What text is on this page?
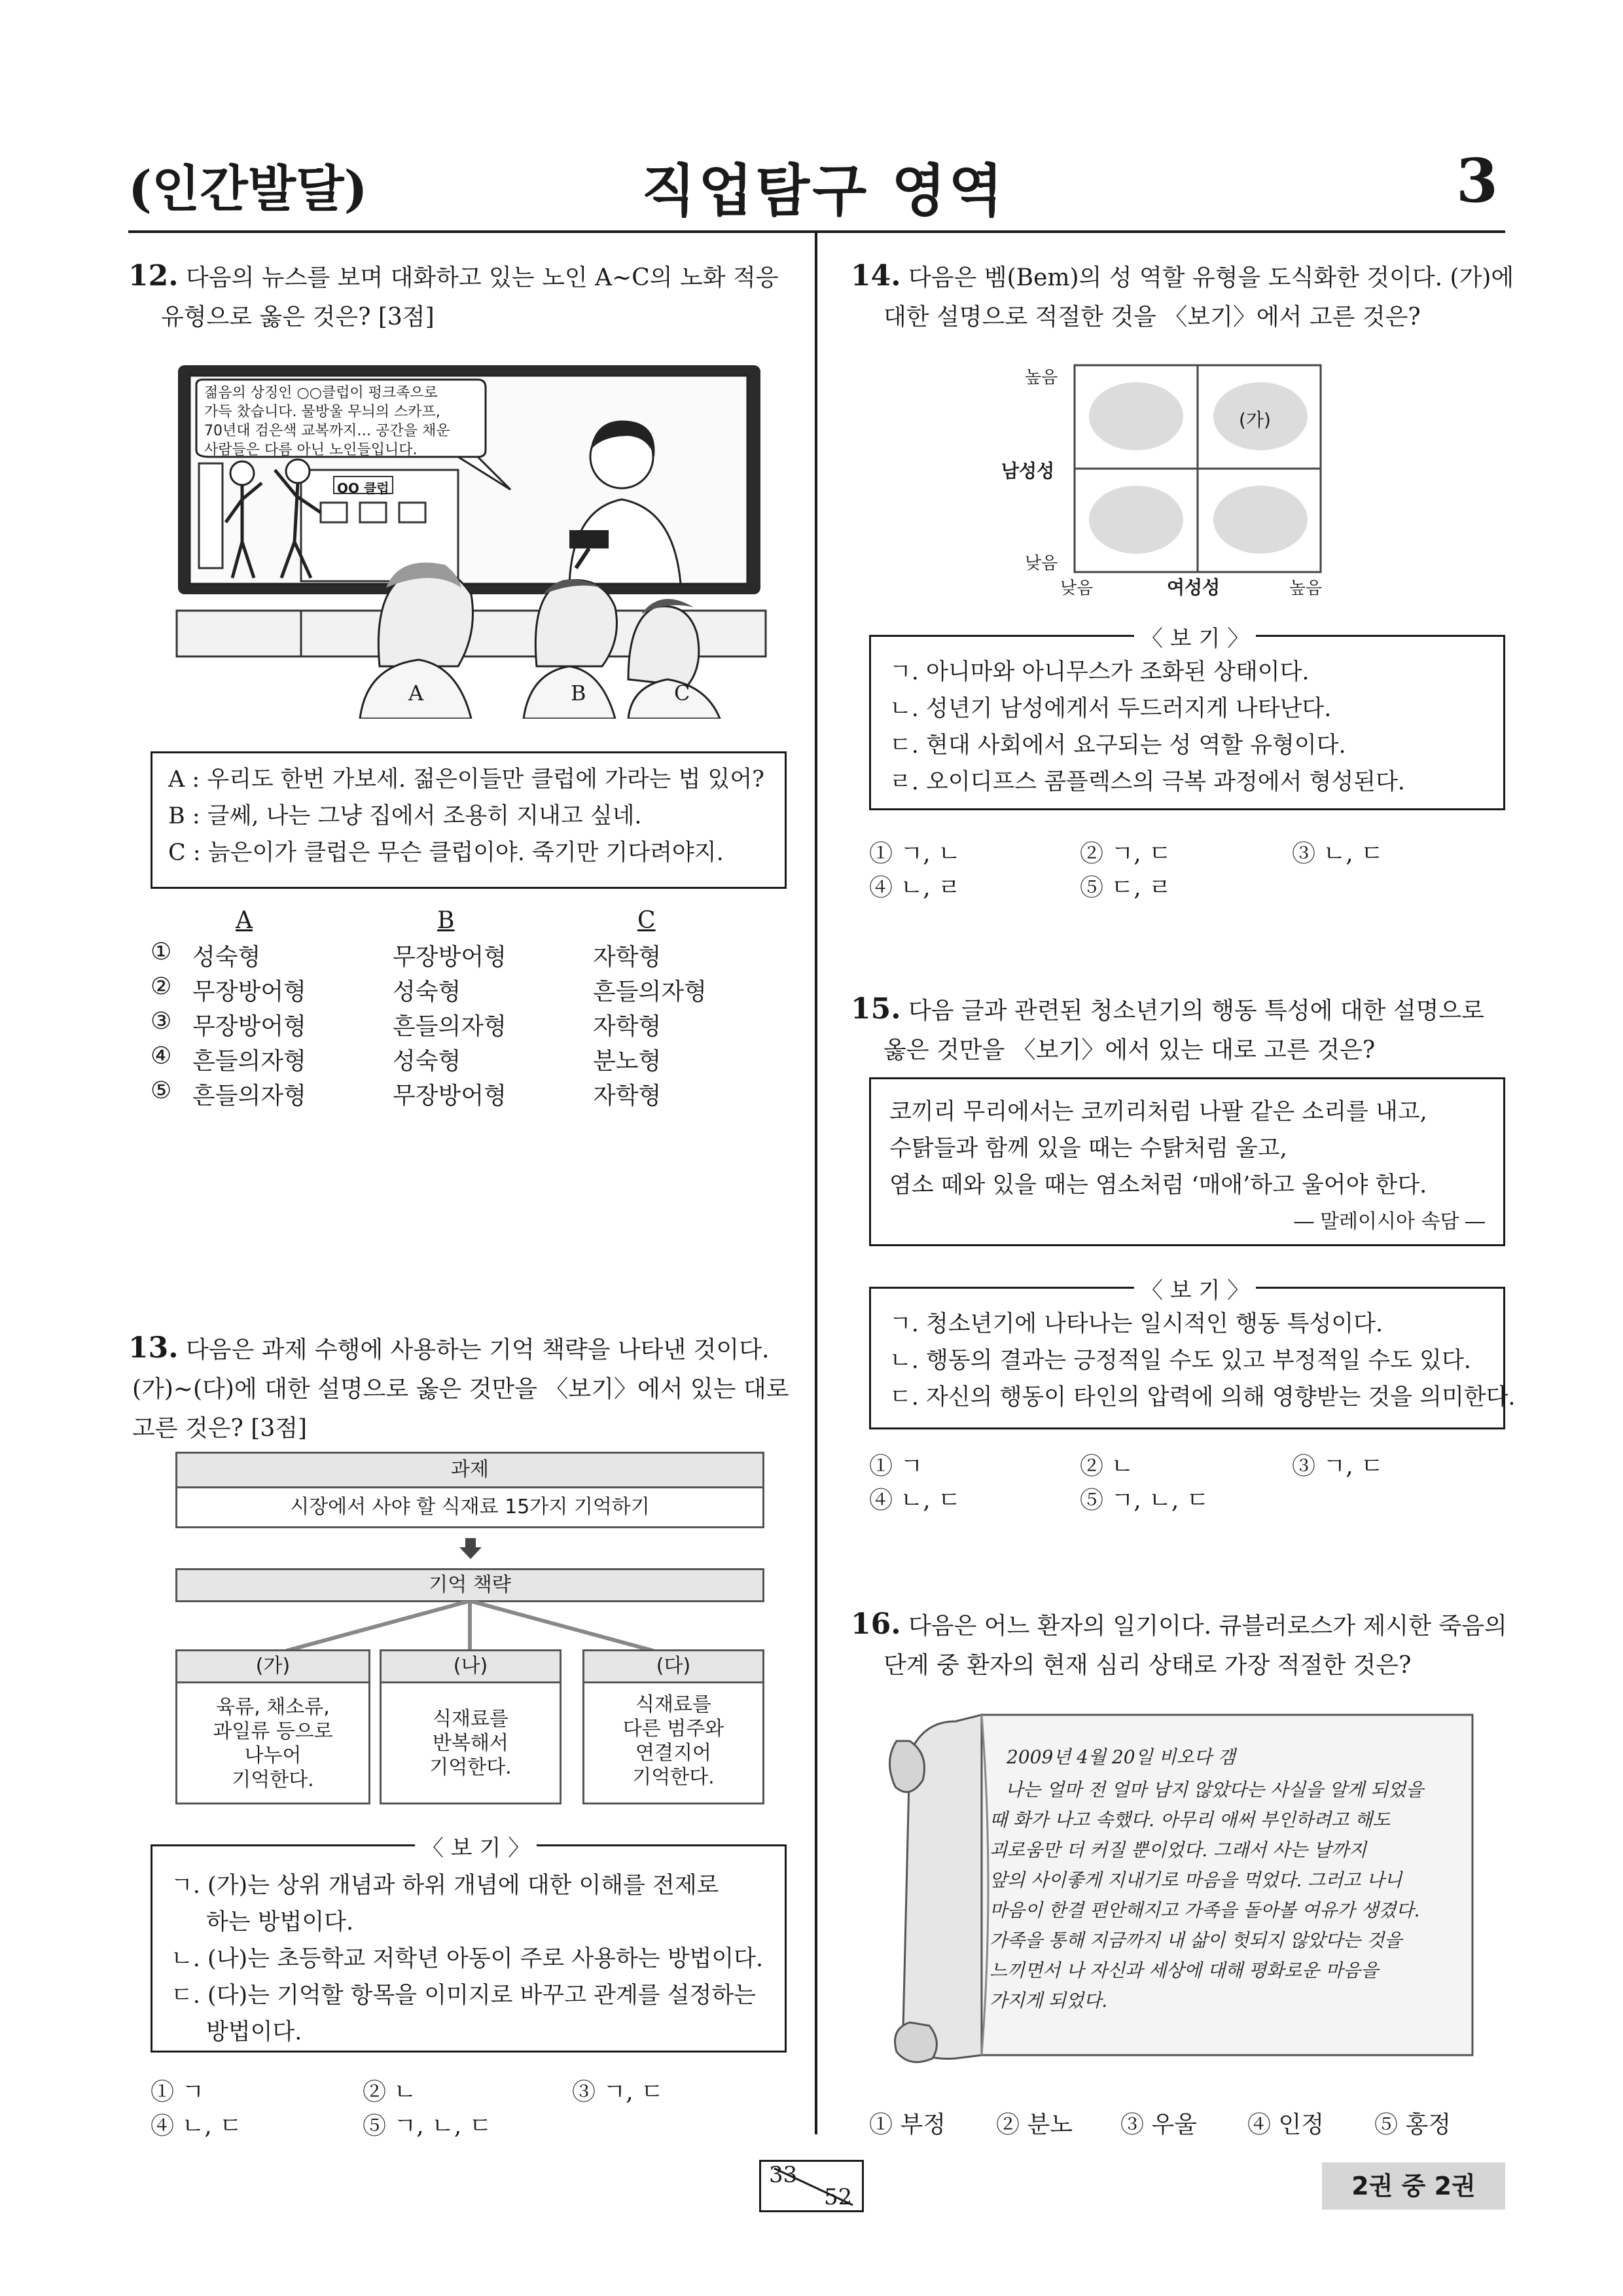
(인간발달)	직업탐구 영역	3
12. 다음의 뉴스를 보며 대화하고 있는 노인 A~C의 노화 적응
유형으로 옳은 것은? [3점]
젊음의 상징인 ○○클럽이 펑크족으로
가득 찼습니다. 물방울 무늬의 스카프,
70년대 검은색 교복까지… 공간을 채운
사람들은 다름 아닌 노인들입니다.
OO 클럽
A	B	C
A : 우리도 한번 가보세. 젊은이들만 클럽에 가라는 법 있어?
B : 글쎄, 나는 그냥 집에서 조용히 지내고 싶네.
C : 늙은이가 클럽은 무슨 클럽이야. 죽기만 기다려야지.
A	B	C
① 성숙형	무장방어형	자학형
② 무장방어형	성숙형	흔들의자형
③ 무장방어형	흔들의자형	자학형
④ 흔들의자형	성숙형	분노형
⑤ 흔들의자형	무장방어형	자학형
13. 다음은 과제 수행에 사용하는 기억 책략을 나타낸 것이다.
(가)~(다)에 대한 설명으로 옳은 것만을 〈보기〉에서 있는 대로
고른 것은? [3점]
과제
시장에서 사야 할 식재료 15가지 기억하기
기억 책략
(가)
육류, 채소류,
과일류 등으로
나누어
기억한다.
(나)
식재료를
반복해서
기억한다.
(다)
식재료를
다른 범주와
연결지어
기억한다.
ㄱ. (가)는 상위 개념과 하위 개념에 대한 이해를 전제로
하는 방법이다.
ㄴ. (나)는 초등학교 저학년 아동이 주로 사용하는 방법이다.
ㄷ. (다)는 기억할 항목을 이미지로 바꾸고 관계를 설정하는
방법이다.
〈 보 기 〉
① ㄱ	② ㄴ	③ ㄱ, ㄷ
④ ㄴ, ㄷ	⑤ ㄱ, ㄴ, ㄷ
14. 다음은 벰(Bem)의 성 역할 유형을 도식화한 것이다. (가)에
대한 설명으로 적절한 것을 〈보기〉에서 고른 것은?
(가)
높음
남성성
낮음
낮음	여성성	높음
ㄱ. 아니마와 아니무스가 조화된 상태이다.
ㄴ. 성년기 남성에게서 두드러지게 나타난다.
ㄷ. 현대 사회에서 요구되는 성 역할 유형이다.
ㄹ. 오이디프스 콤플렉스의 극복 과정에서 형성된다.
〈 보 기 〉
① ㄱ, ㄴ	② ㄱ, ㄷ	③ ㄴ, ㄷ
④ ㄴ, ㄹ	⑤ ㄷ, ㄹ
15. 다음 글과 관련된 청소년기의 행동 특성에 대한 설명으로
옳은 것만을 〈보기〉에서 있는 대로 고른 것은?
코끼리 무리에서는 코끼리처럼 나팔 같은 소리를 내고,
수탉들과 함께 있을 때는 수탉처럼 울고,
염소 떼와 있을 때는 염소처럼 ‘매애’하고 울어야 한다.
― 말레이시아 속담 ―
ㄱ. 청소년기에 나타나는 일시적인 행동 특성이다.
ㄴ. 행동의 결과는 긍정적일 수도 있고 부정적일 수도 있다.
ㄷ. 자신의 행동이 타인의 압력에 의해 영향받는 것을 의미한다.
〈 보 기 〉
① ㄱ	② ㄴ	③ ㄱ, ㄷ
④ ㄴ, ㄷ	⑤ ㄱ, ㄴ, ㄷ
16. 다음은 어느 환자의 일기이다. 큐블러로스가 제시한 죽음의
단계 중 환자의 현재 심리 상태로 가장 적절한 것은?
2009년 4월 20일 비오다 갬
나는 얼마 전 얼마 남지 않았다는 사실을 알게 되었을
때 화가 나고 속했다. 아무리 애써 부인하려고 해도
괴로움만 더 커질 뿐이었다. 그래서 사는 날까지
앞의 사이좋게 지내기로 마음을 먹었다. 그러고 나니
마음이 한결 편안해지고 가족을 돌아볼 여유가 생겼다.
가족을 통해 지금까지 내 삶이 헛되지 않았다는 것을
느끼면서 나 자신과 세상에 대해 평화로운 마음을
가지게 되었다.
① 부정 ② 분노 ③ 우울 ④ 인정 ⑤ 홍정
33
52	2권 중 2권
